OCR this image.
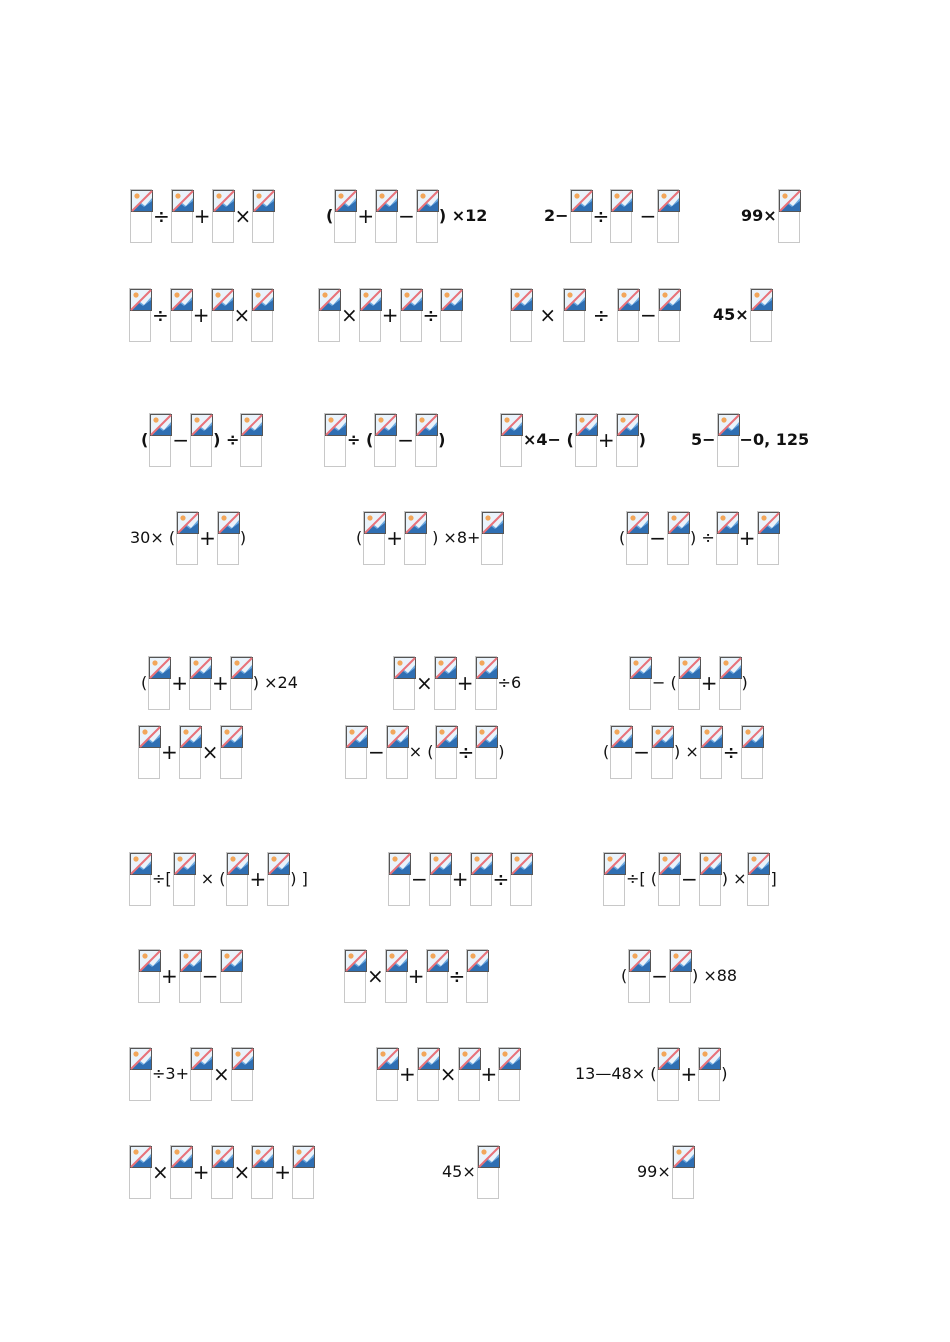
÷ + ×	( + − ) ×12	2− ÷ −	99×
÷ + ×	× + ÷	× ÷ −	45×
( − ) ÷	÷ ( − )	×4− ( + )	5− −0, 125
30× ( + )	( + ) ×8+	( − ) ÷ +
( + + ) ×24	× + ÷6	− ( + )
+ ×	− × ( ÷ )	( − ) × ÷
÷[ × ( + ) ]	− + ÷	÷[ ( − ) × ]
+ −	× + ÷	( − ) ×88
÷3+ ×	+ × +	13—48× ( + )
× + × +	45×	99×
